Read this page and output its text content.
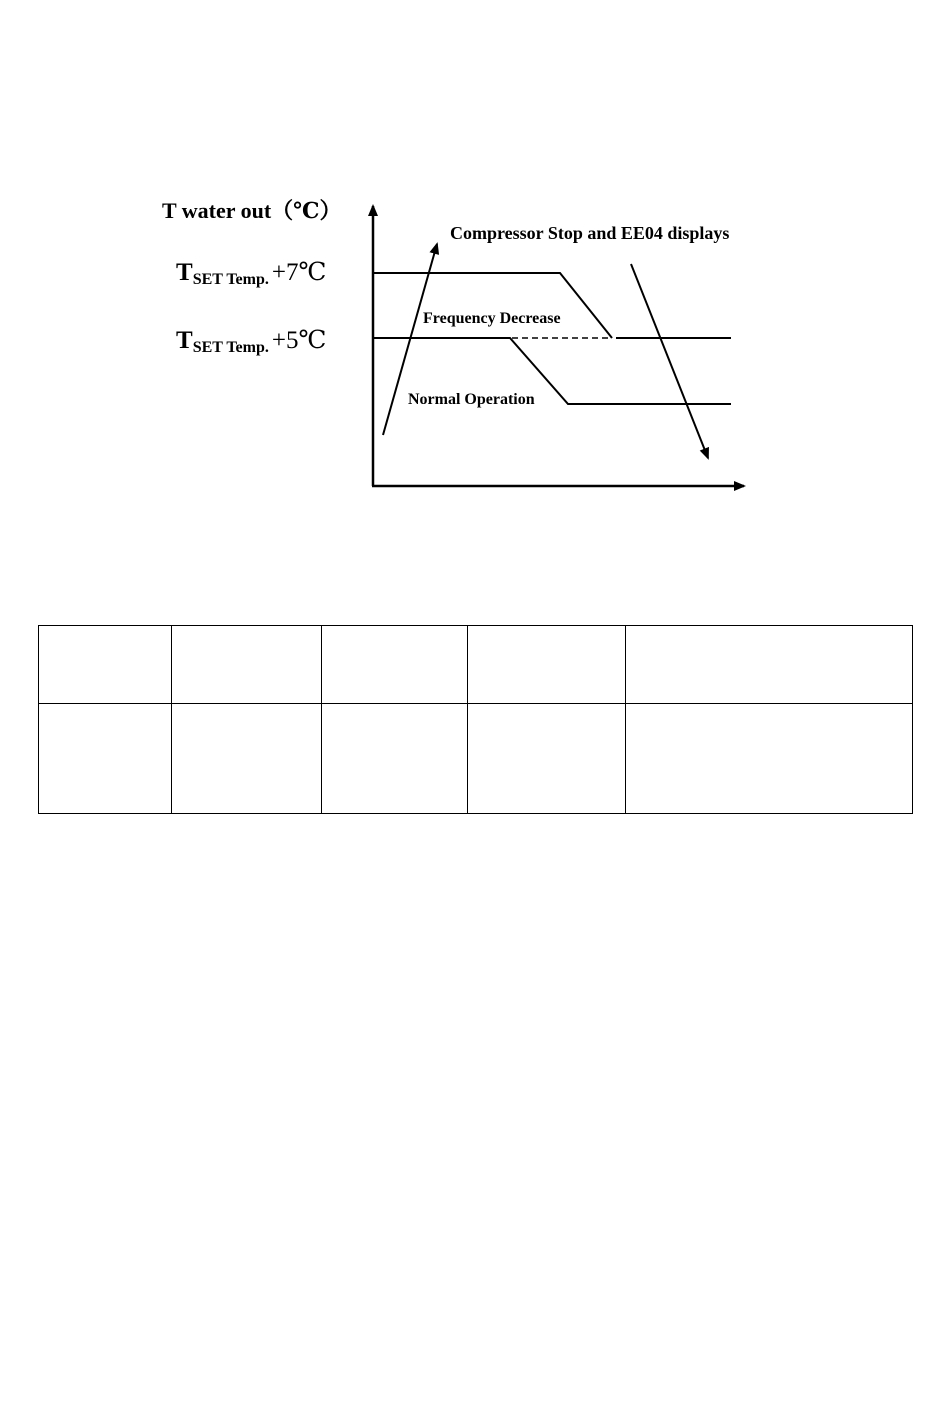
T water out（℃）
TSET Temp. +7℃
TSET Temp. +5℃
Compressor Stop and EE04 displays
Frequency Decrease
Normal Operation
